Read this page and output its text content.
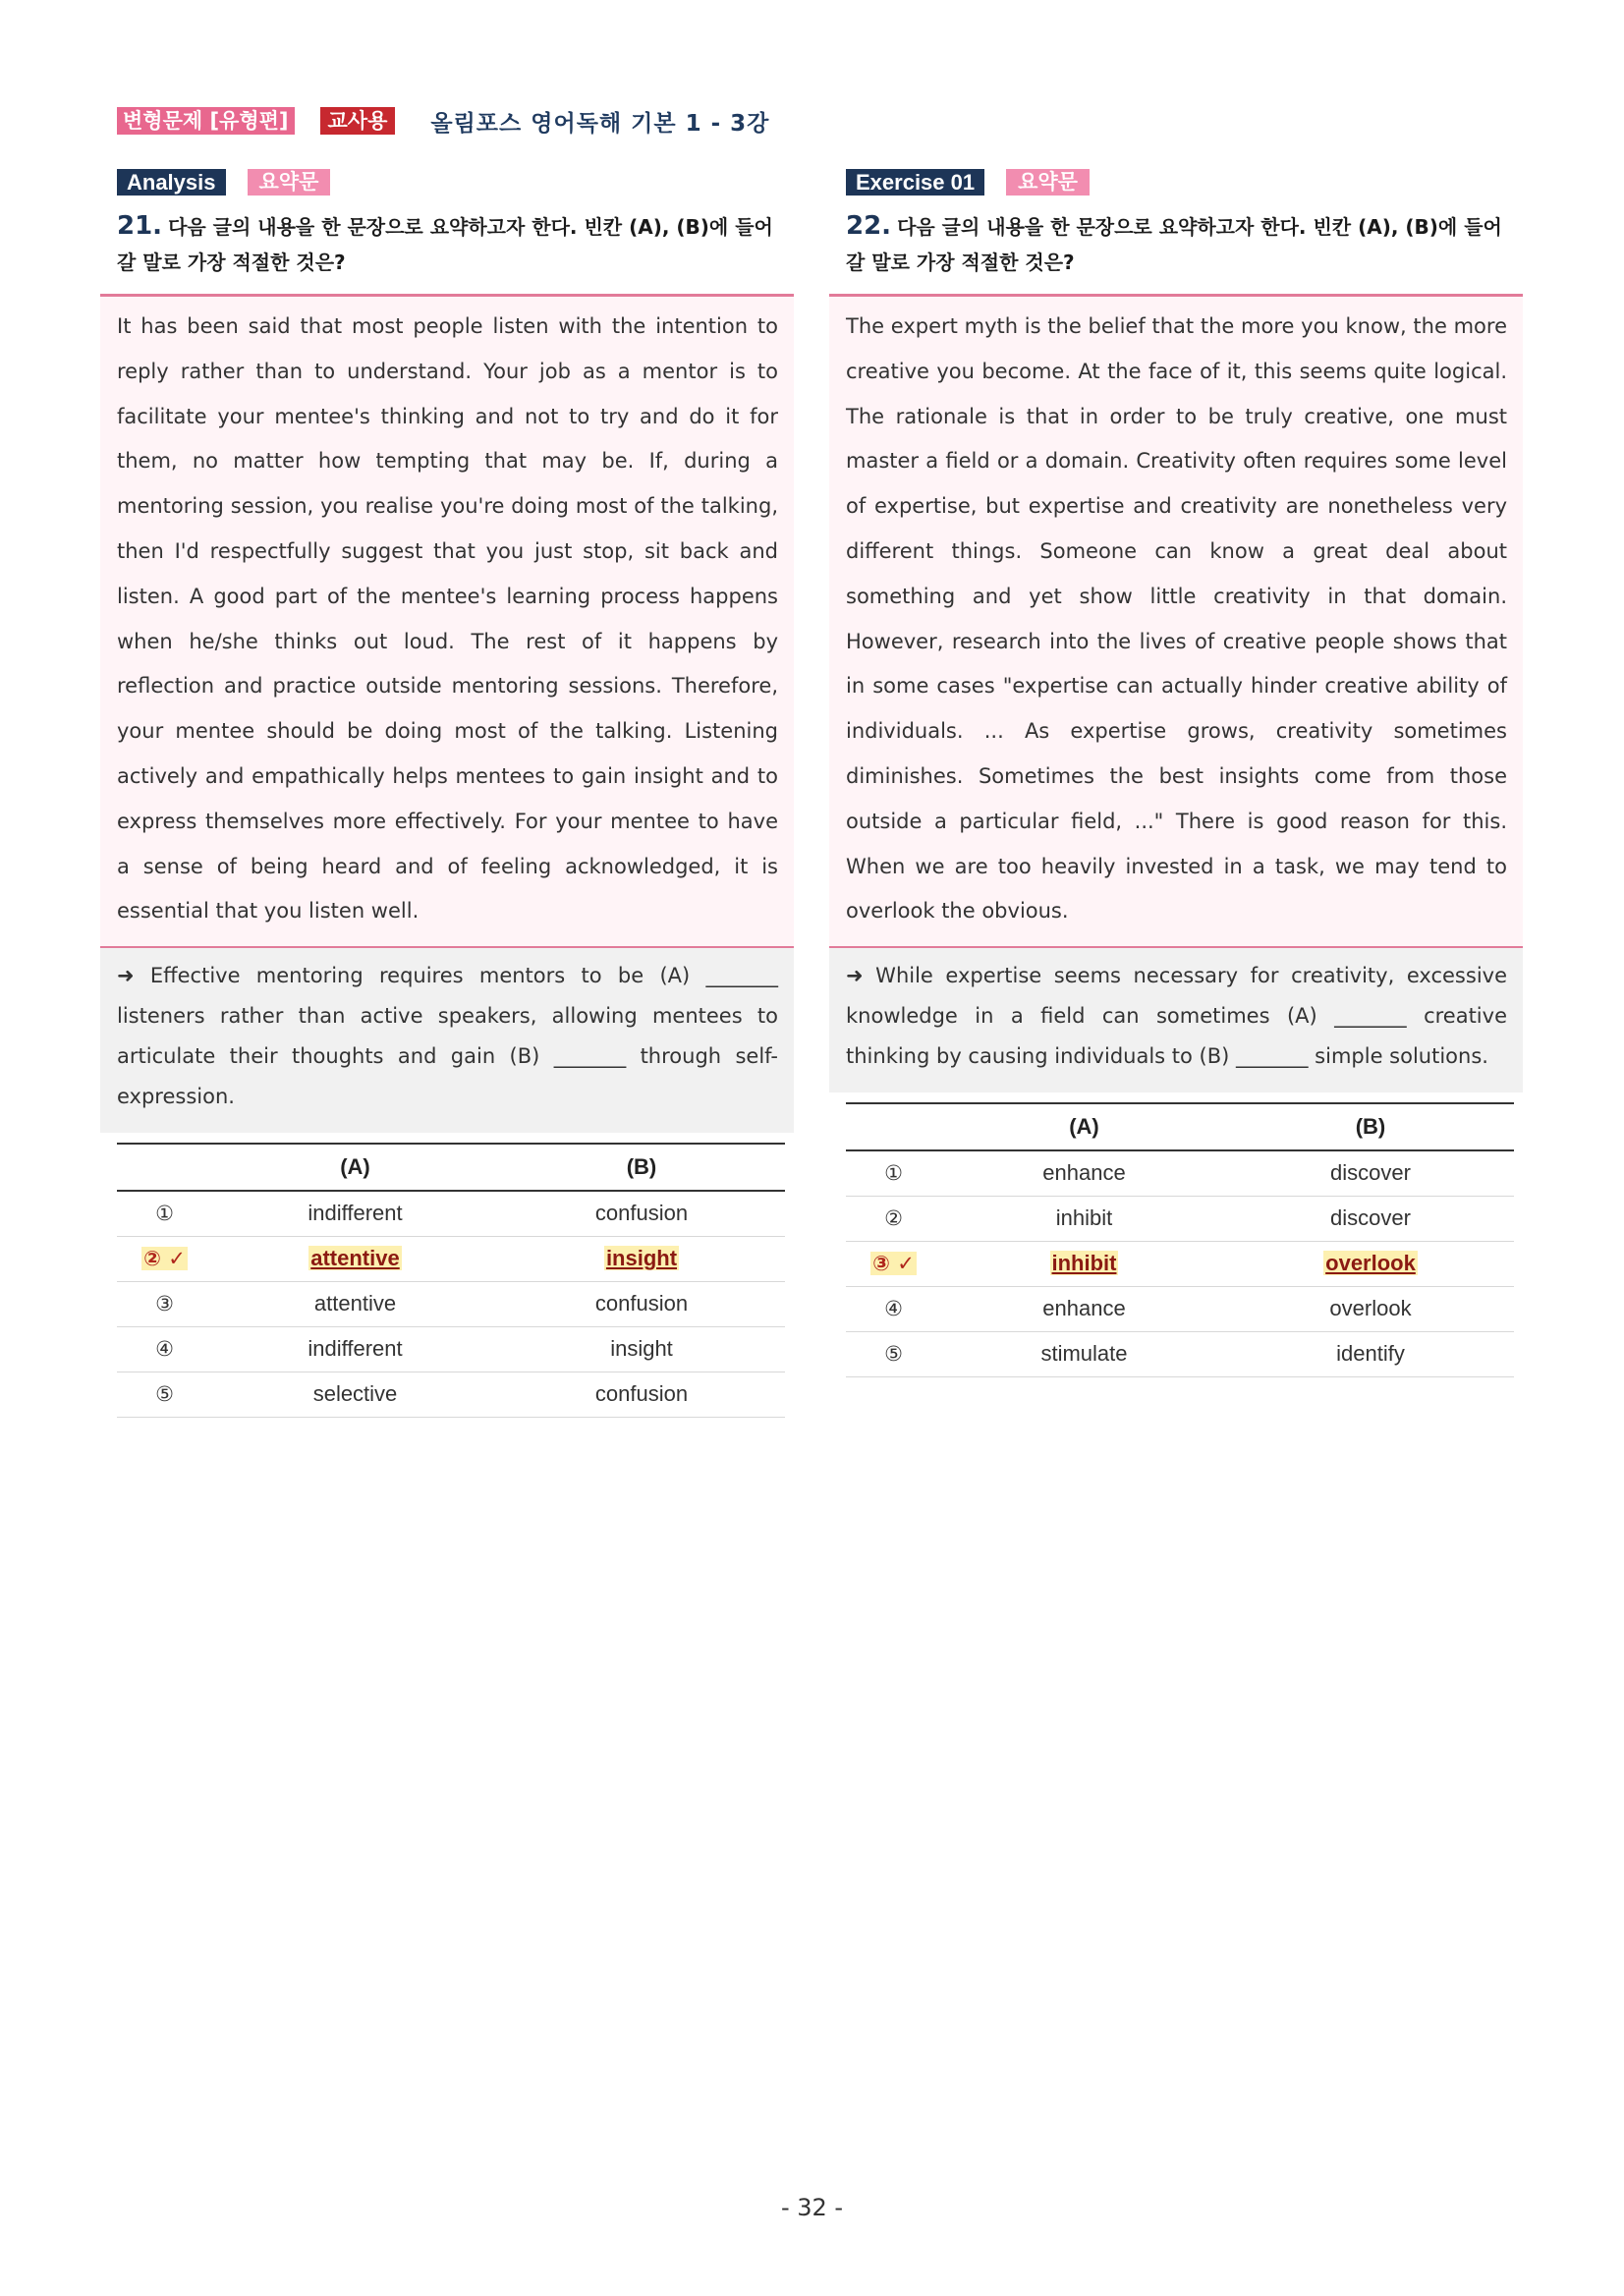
변형문제 [유형편]	교사용	올림포스 영어독해 기본 1 - 3강
Analysis	요약문
21. 다음 글의 내용을 한 문장으로 요약하고자 한다. 빈칸 (A), (B)에 들어갈 말로 가장 적절한 것은?
It has been said that most people listen with the intention to reply rather than to understand. Your job as a mentor is to facilitate your mentee's thinking and not to try and do it for them, no matter how tempting that may be. If, during a mentoring session, you realise you're doing most of the talking, then I'd respectfully suggest that you just stop, sit back and listen. A good part of the mentee's learning process happens when he/she thinks out loud. The rest of it happens by reflection and practice outside mentoring sessions. Therefore, your mentee should be doing most of the talking. Listening actively and empathically helps mentees to gain insight and to express themselves more effectively. For your mentee to have a sense of being heard and of feeling acknowledged, it is essential that you listen well.
➜ Effective mentoring requires mentors to be (A) _______ listeners rather than active speakers, allowing mentees to articulate their thoughts and gain (B) _______ through self-expression.
	(A)	(B)
①	indifferent	confusion
② ✓	attentive	insight
③	attentive	confusion
④	indifferent	insight
⑤	selective	confusion
Exercise 01	요약문
22. 다음 글의 내용을 한 문장으로 요약하고자 한다. 빈칸 (A), (B)에 들어갈 말로 가장 적절한 것은?
The expert myth is the belief that the more you know, the more creative you become. At the face of it, this seems quite logical. The rationale is that in order to be truly creative, one must master a field or a domain. Creativity often requires some level of expertise, but expertise and creativity are nonetheless very different things. Someone can know a great deal about something and yet show little creativity in that domain. However, research into the lives of creative people shows that in some cases "expertise can actually hinder creative ability of individuals. ... As expertise grows, creativity sometimes diminishes. Sometimes the best insights come from those outside a particular field, ..." There is good reason for this. When we are too heavily invested in a task, we may tend to overlook the obvious.
➜ While expertise seems necessary for creativity, excessive knowledge in a field can sometimes (A) _______ creative thinking by causing individuals to (B) _______ simple solutions.
	(A)	(B)
①	enhance	discover
②	inhibit	discover
③ ✓	inhibit	overlook
④	enhance	overlook
⑤	stimulate	identify
- 32 -
